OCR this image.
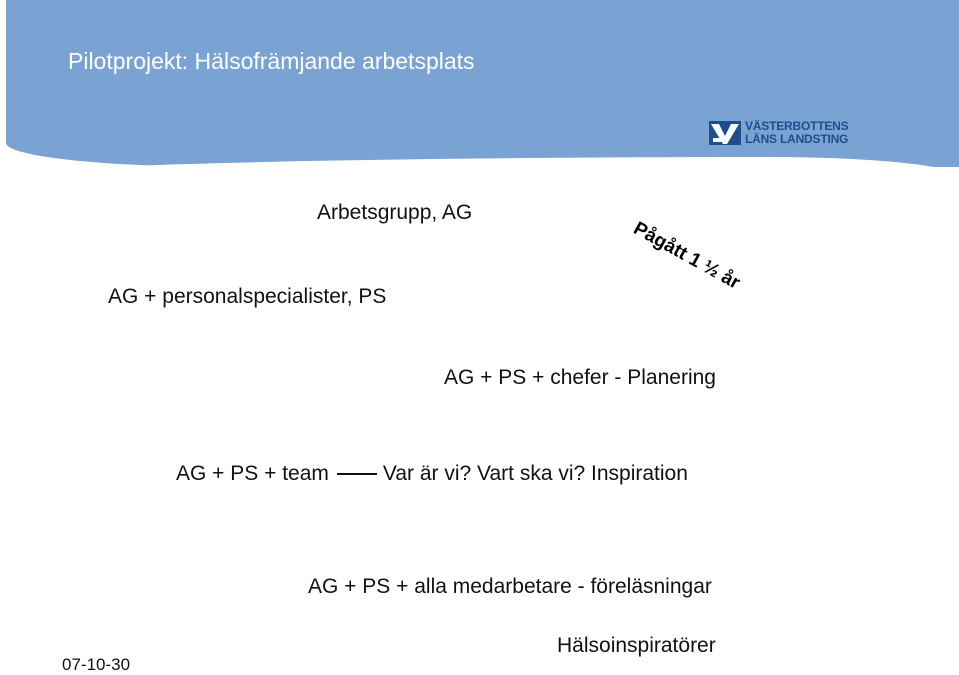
Pilotprojekt: Hälsofrämjande arbetsplats
VÄSTERBOTTENS
LÄNS LANDSTING
Arbetsgrupp, AG
AG + personalspecialister, PS
Pågått 1 ½ år
AG + PS + chefer - Planering
AG + PS + team	Var är vi? Vart ska vi? Inspiration
AG + PS + alla medarbetare - föreläsningar
Hälsoinspiratörer
07-10-30
